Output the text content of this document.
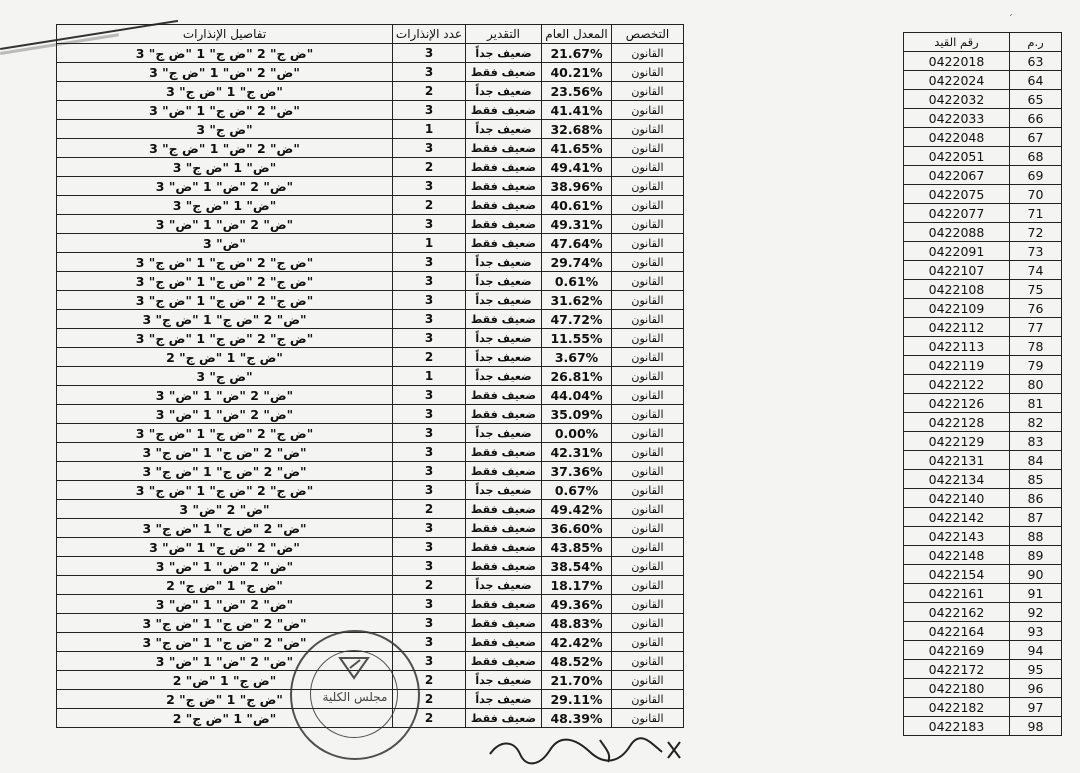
ˊ
تفاصيل الإنذارات	عدد الإنذارات	التقدير	المعدل العام	التخصص
"ض ج" 2 "ض ج" 1 "ض ج" 3	3	ضعيف جداً	21.67%	القانون
"ض" 2 "ض" 1 "ض ج" 3	3	ضعيف فقط	40.21%	القانون
"ض ج" 1 "ض ج" 3	2	ضعيف جداً	23.56%	القانون
"ض" 2 "ض ج" 1 "ض" 3	3	ضعيف فقط	41.41%	القانون
"ض ج" 3	1	ضعيف جداً	32.68%	القانون
"ض" 2 "ض" 1 "ض ج" 3	3	ضعيف فقط	41.65%	القانون
"ض" 1 "ض ج" 3	2	ضعيف فقط	49.41%	القانون
"ض" 2 "ض" 1 "ض" 3	3	ضعيف فقط	38.96%	القانون
"ض" 1 "ض ج" 3	2	ضعيف فقط	40.61%	القانون
"ض" 2 "ض" 1 "ض" 3	3	ضعيف فقط	49.31%	القانون
"ض" 3	1	ضعيف فقط	47.64%	القانون
"ض ج" 2 "ض ج" 1 "ض ج" 3	3	ضعيف جداً	29.74%	القانون
"ض ج" 2 "ض ج" 1 "ض ج" 3	3	ضعيف جداً	0.61%	القانون
"ض ج" 2 "ض ج" 1 "ض ج" 3	3	ضعيف جداً	31.62%	القانون
"ض" 2 "ض ج" 1 "ض ج" 3	3	ضعيف فقط	47.72%	القانون
"ض ج" 2 "ض ج" 1 "ض ج" 3	3	ضعيف جداً	11.55%	القانون
"ض ج" 1 "ض ج" 2	2	ضعيف جداً	3.67%	القانون
"ض ج" 3	1	ضعيف جداً	26.81%	القانون
"ض" 2 "ض" 1 "ض" 3	3	ضعيف فقط	44.04%	القانون
"ض" 2 "ض" 1 "ض" 3	3	ضعيف فقط	35.09%	القانون
"ض ج" 2 "ض ج" 1 "ض ج" 3	3	ضعيف جداً	0.00%	القانون
"ض" 2 "ض ج" 1 "ض ج" 3	3	ضعيف فقط	42.31%	القانون
"ض" 2 "ض ج" 1 "ض ج" 3	3	ضعيف فقط	37.36%	القانون
"ض ج" 2 "ض ج" 1 "ض ج" 3	3	ضعيف جداً	0.67%	القانون
"ض" 2 "ض" 3	2	ضعيف فقط	49.42%	القانون
"ض" 2 "ض ج" 1 "ض ج" 3	3	ضعيف فقط	36.60%	القانون
"ض" 2 "ض ج" 1 "ض" 3	3	ضعيف فقط	43.85%	القانون
"ض" 2 "ض" 1 "ض" 3	3	ضعيف فقط	38.54%	القانون
"ض ج" 1 "ض ج" 2	2	ضعيف جداً	18.17%	القانون
"ض" 2 "ض" 1 "ض" 3	3	ضعيف فقط	49.36%	القانون
"ض" 2 "ض ج" 1 "ض ج" 3	3	ضعيف فقط	48.83%	القانون
"ض" 2 "ض ج" 1 "ض ج" 3	3	ضعيف فقط	42.42%	القانون
"ض" 2 "ض" 1 "ض" 3	3	ضعيف فقط	48.52%	القانون
"ض ج" 1 "ض" 2	2	ضعيف جداً	21.70%	القانون
"ض ج" 1 "ض ج" 2	2	ضعيف جداً	29.11%	القانون
"ض" 1 "ض ج" 2	2	ضعيف فقط	48.39%	القانون
رقم القيد	ر.م
0422018	63
0422024	64
0422032	65
0422033	66
0422048	67
0422051	68
0422067	69
0422075	70
0422077	71
0422088	72
0422091	73
0422107	74
0422108	75
0422109	76
0422112	77
0422113	78
0422119	79
0422122	80
0422126	81
0422128	82
0422129	83
0422131	84
0422134	85
0422140	86
0422142	87
0422143	88
0422148	89
0422154	90
0422161	91
0422162	92
0422164	93
0422169	94
0422172	95
0422180	96
0422182	97
0422183	98
مجلس الكلية
